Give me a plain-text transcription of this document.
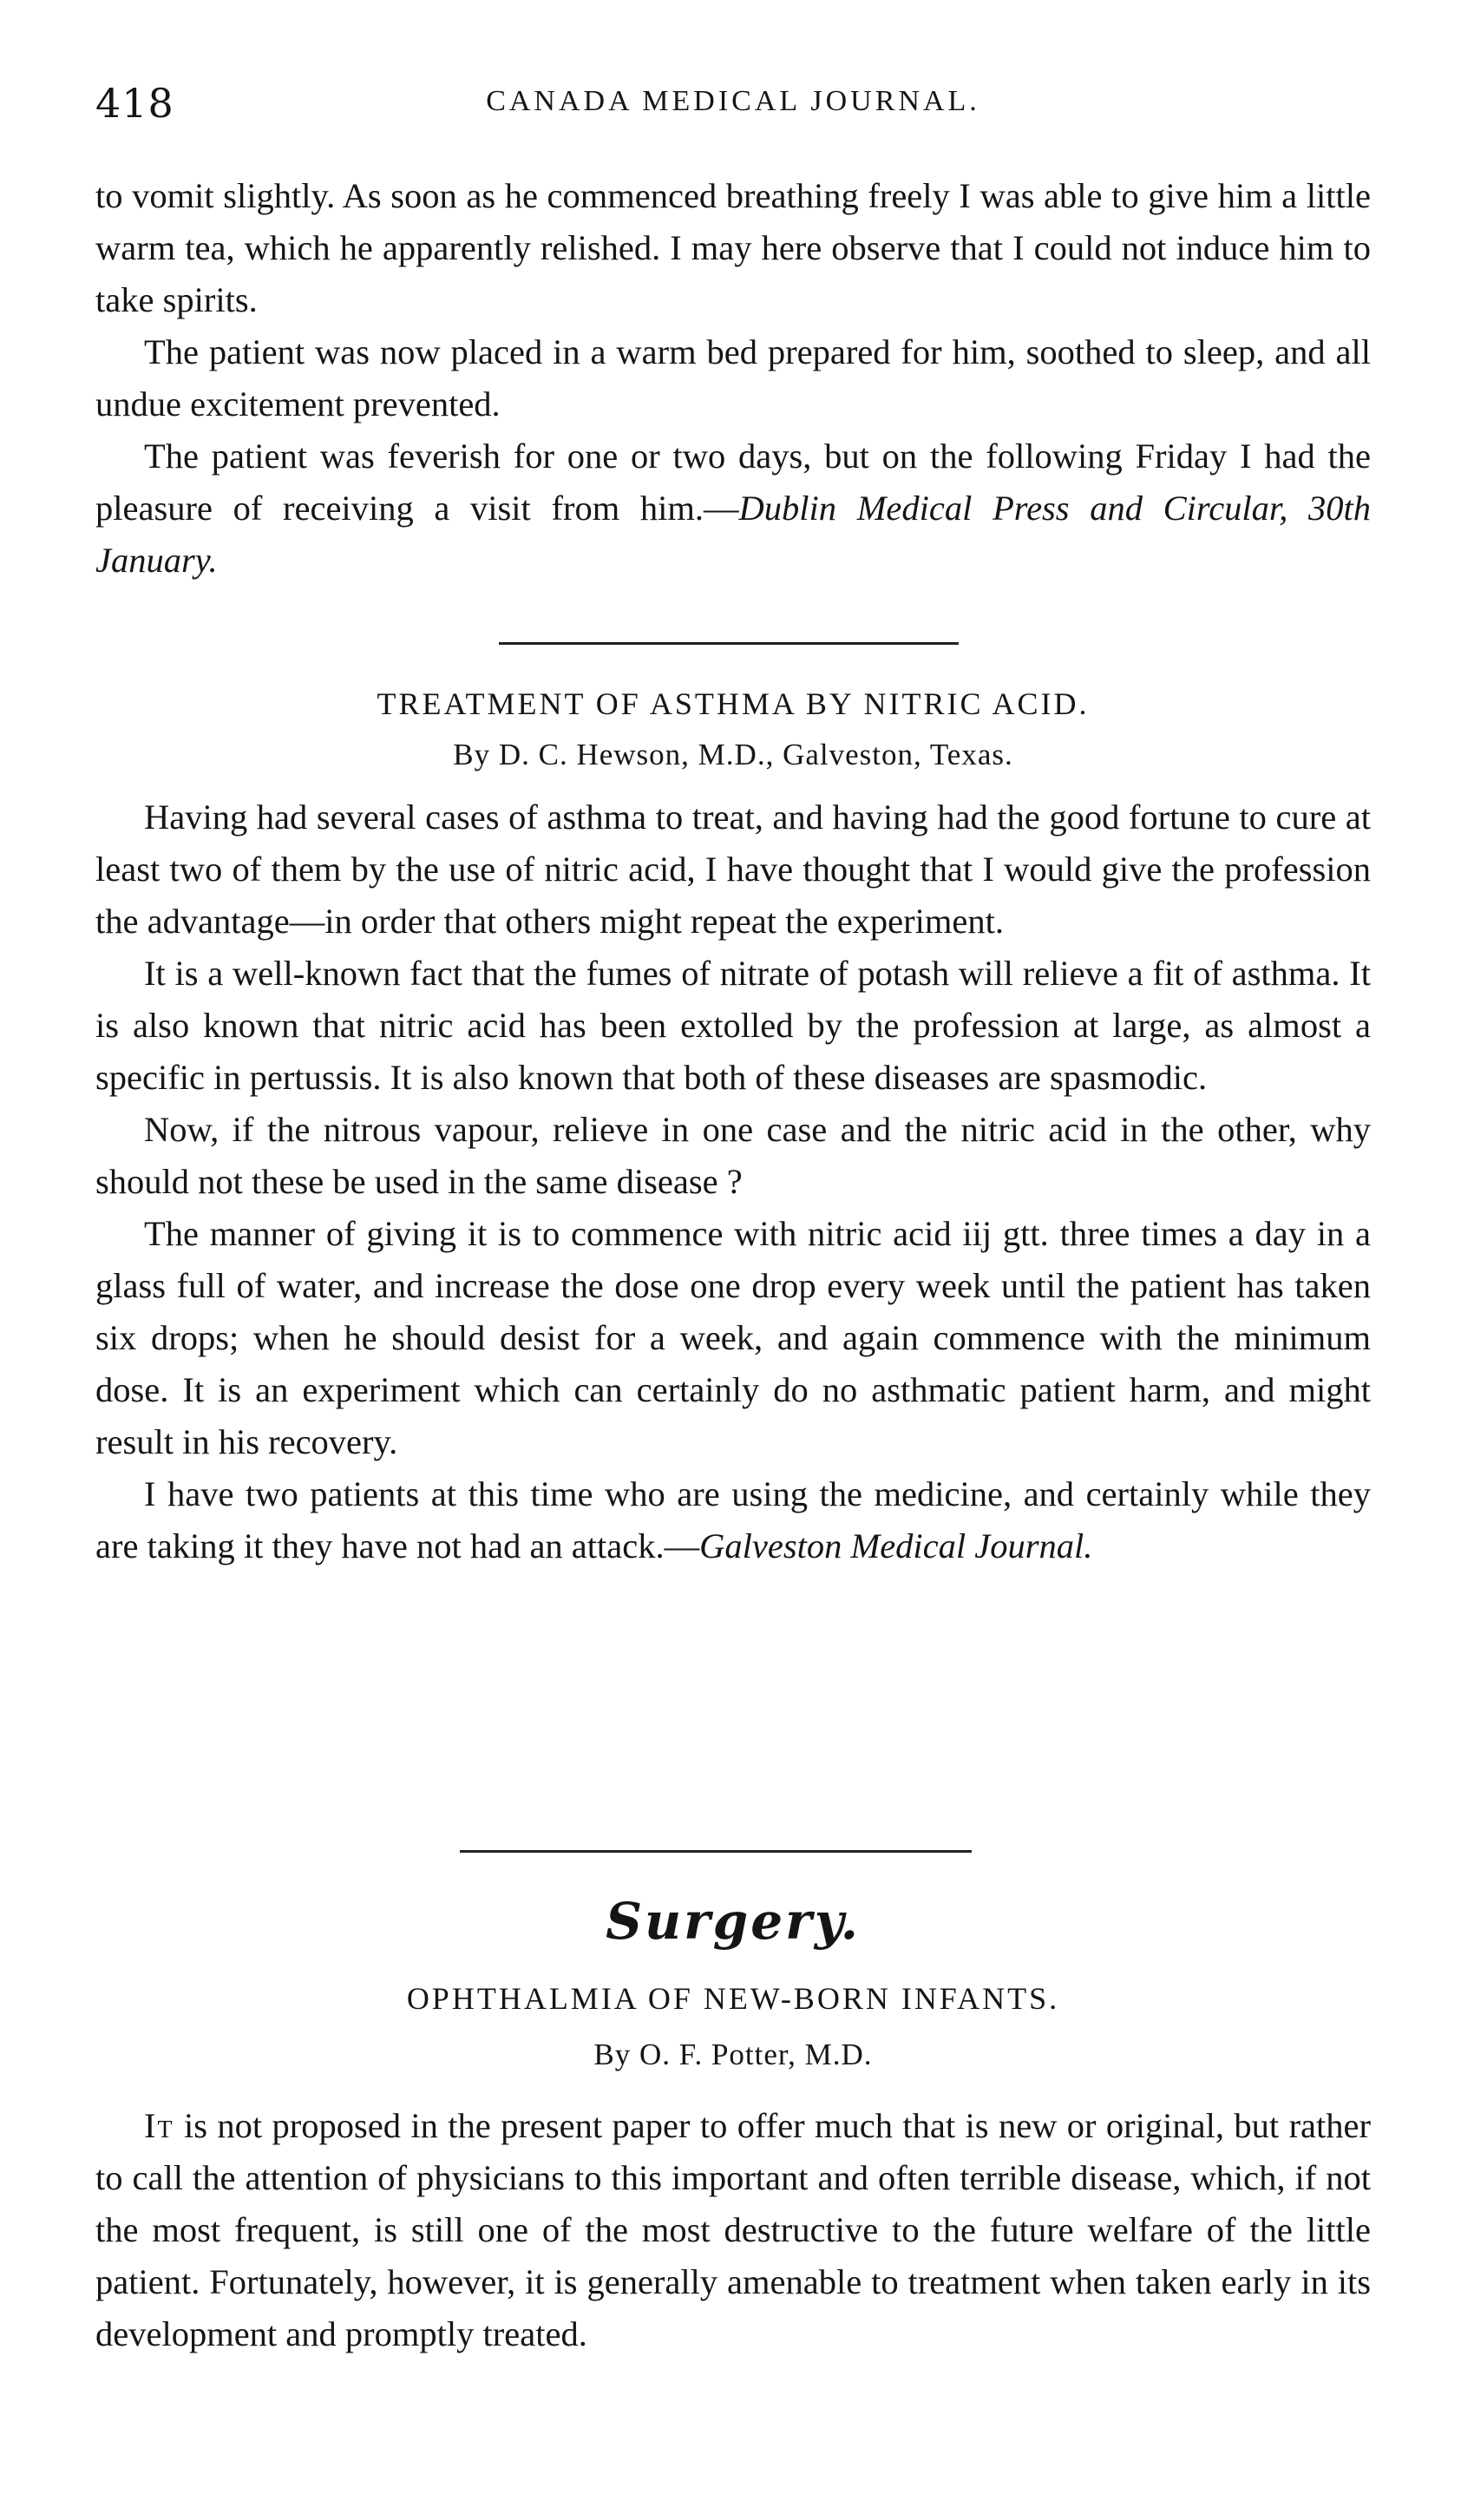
418	CANADA MEDICAL JOURNAL.

to vomit slightly. As soon as he commenced breathing freely I was able to give him a little warm tea, which he apparently relished. I may here observe that I could not induce him to take spirits.

The patient was now placed in a warm bed prepared for him, soothed to sleep, and all undue excitement prevented.

The patient was feverish for one or two days, but on the following Friday I had the pleasure of receiving a visit from him.—Dublin Medical Press and Circular, 30th January.

TREATMENT OF ASTHMA BY NITRIC ACID.
By D. C. Hewson, M.D., Galveston, Texas.

Having had several cases of asthma to treat, and having had the good fortune to cure at least two of them by the use of nitric acid, I have thought that I would give the profession the advantage—in order that others might repeat the experiment.

It is a well-known fact that the fumes of nitrate of potash will relieve a fit of asthma. It is also known that nitric acid has been extolled by the profession at large, as almost a specific in pertussis. It is also known that both of these diseases are spasmodic.

Now, if the nitrous vapour, relieve in one case and the nitric acid in the other, why should not these be used in the same disease ?

The manner of giving it is to commence with nitric acid iij gtt. three times a day in a glass full of water, and increase the dose one drop every week until the patient has taken six drops; when he should desist for a week, and again commence with the minimum dose. It is an experiment which can certainly do no asthmatic patient harm, and might result in his recovery.

I have two patients at this time who are using the medicine, and certainly while they are taking it they have not had an attack.—Galveston Medical Journal.

Surgery.
OPHTHALMIA OF NEW-BORN INFANTS.
By O. F. Potter, M.D.

It is not proposed in the present paper to offer much that is new or original, but rather to call the attention of physicians to this important and often terrible disease, which, if not the most frequent, is still one of the most destructive to the future welfare of the little patient. Fortunately, however, it is generally amenable to treatment when taken early in its development and promptly treated.
